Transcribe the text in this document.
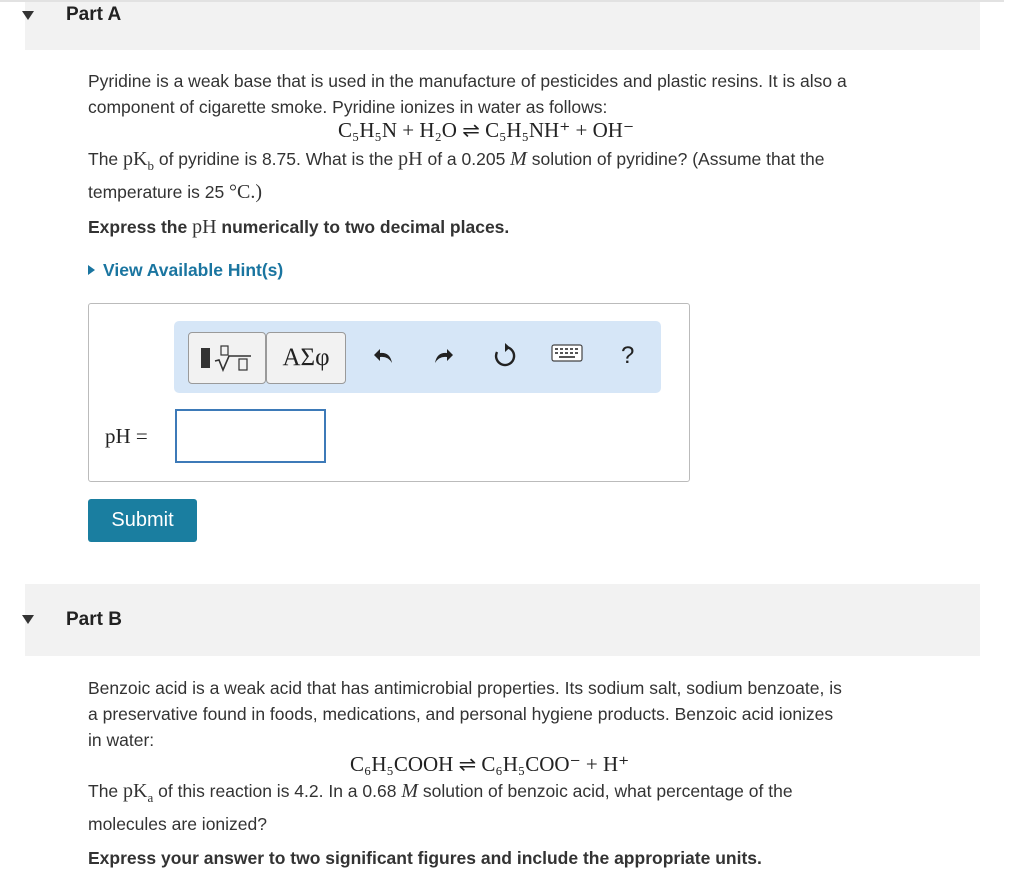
Part A
Pyridine is a weak base that is used in the manufacture of pesticides and plastic resins. It is also a
component of cigarette smoke. Pyridine ionizes in water as follows:
C₅H₅N + H₂O ⇌ C₅H₅NH⁺ + OH⁻
The $pK_b$ of pyridine is 8.75. What is the pH of a 0.205 M solution of pyridine? (Assume that the
temperature is 25 °C.)
Express the pH numerically to two decimal places.
View Available Hint(s)
ΑΣφ	?
pH =
Submit
Part B
Benzoic acid is a weak acid that has antimicrobial properties. Its sodium salt, sodium benzoate, is
a preservative found in foods, medications, and personal hygiene products. Benzoic acid ionizes
in water:
C₆H₅COOH ⇌ C₆H₅COO⁻ + H⁺
The $pK_a$ of this reaction is 4.2. In a 0.68 M solution of benzoic acid, what percentage of the
molecules are ionized?
Express your answer to two significant figures and include the appropriate units.
